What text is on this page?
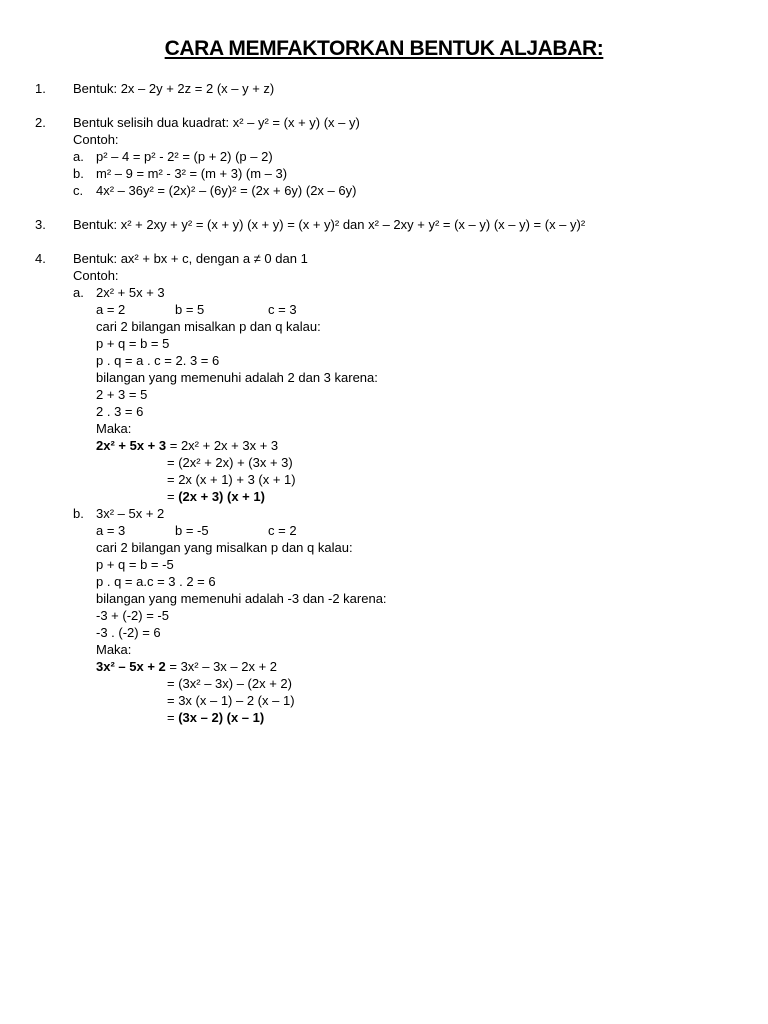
CARA MEMFAKTORKAN BENTUK ALJABAR:
1. Bentuk: 2x – 2y + 2z = 2 (x – y + z)
2. Bentuk selisih dua kuadrat: x² – y² = (x + y) (x – y)
Contoh:
a. p² – 4 = p² - 2² = (p + 2) (p – 2)
b. m² – 9 = m² - 3² = (m + 3) (m – 3)
c. 4x² – 36y² = (2x)² – (6y)² = (2x + 6y) (2x – 6y)
3. Bentuk: x² + 2xy + y² = (x + y) (x + y) = (x + y)² dan x² – 2xy + y² = (x – y) (x – y) = (x – y)²
4. Bentuk: ax² + bx + c, dengan a ≠ 0 dan 1
Contoh:
a. 2x² + 5x + 3
a = 2	b = 5	c = 3
cari 2 bilangan misalkan p dan q kalau:
p + q = b = 5
p . q = a . c = 2. 3 = 6
bilangan yang memenuhi adalah 2 dan 3 karena:
2 + 3 = 5
2 . 3 = 6
Maka:
2x² + 5x + 3 = 2x² + 2x + 3x + 3
= (2x² + 2x) + (3x + 3)
= 2x (x + 1) + 3 (x + 1)
= (2x + 3) (x + 1)
b. 3x² – 5x + 2
a = 3	b = -5	c = 2
cari 2 bilangan yang misalkan p dan q kalau:
p + q = b = -5
p . q = a.c = 3 . 2 = 6
bilangan yang memenuhi adalah -3 dan -2 karena:
-3 + (-2) = -5
-3 . (-2) = 6
Maka:
3x² – 5x + 2 = 3x² – 3x – 2x + 2
= (3x² – 3x) – (2x + 2)
= 3x (x – 1) – 2 (x – 1)
= (3x – 2) (x – 1)
